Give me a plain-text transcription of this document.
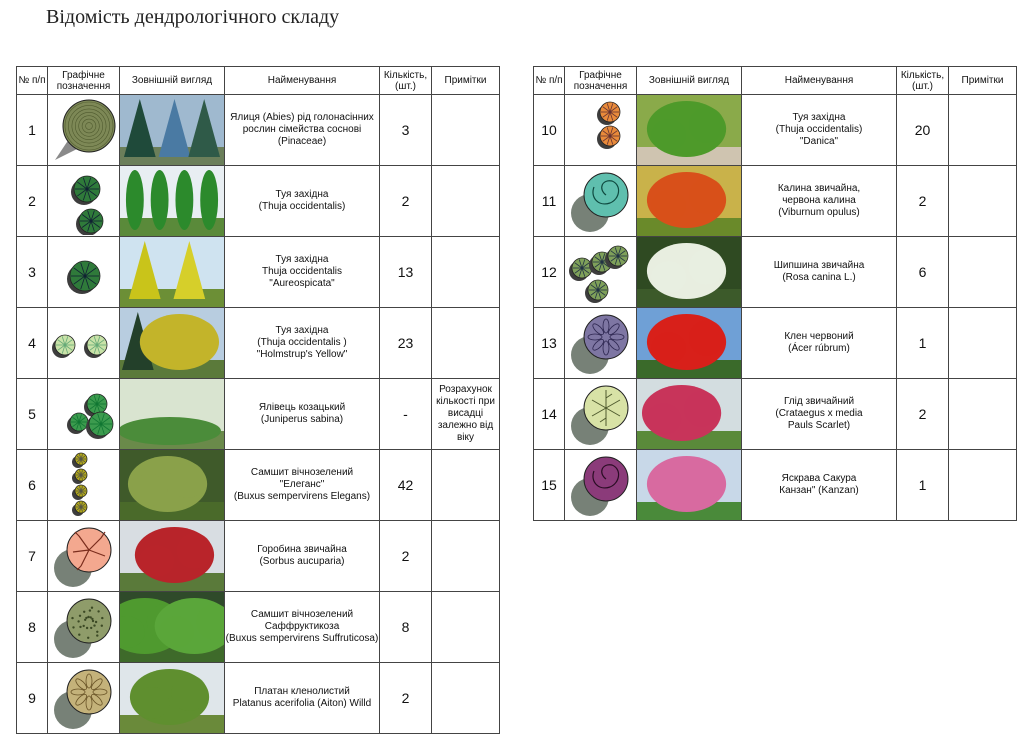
Відомість дендрологічного складу
№ п/п	Графічне позначення	Зовнішній вигляд	Найменування	Кількість, (шт.)	Примітки
1			Ялиця (Abies) рід голонасінних
рослин сімейства соснові
(Pinaceae)	3	
2			Туя західна
(Thuja occidentalis)	2	
3			Туя західна
Thuja occidentalis
"Aureospicata"	13	
4			Туя західна
(Thuja occidentalis )
"Holmstrup's Yellow"	23	
5			Ялівець козацький
(Juniperus sabina)	-	Розрахунок
кількості при
висадці
залежно від
віку

6			Самшит вічнозелений
"Елеганс"
(Buxus sempervirens Elegans)	42	
7			Горобина звичайна
(Sorbus aucuparia)	2	
8			Самшит вічнозелений
Саффруктикоза
(Buxus sempervirens Suffruticosa)	8	
9			Платан кленолистий
Platanus acerifolia (Aiton) Willd	2	
№ п/п	Графічне позначення	Зовнішній вигляд	Найменування	Кількість, (шт.)	Примітки
10			Туя західна
(Thuja occidentalis)
"Danica"	20	
11			Калина звичайна,
червона калина
(Viburnum opulus)	2	
12			Шипшина звичайна
(Rosa canina L.)	6	
13			Клен червоний
(Ácer rúbrum)	1	
14			Глід звичайний
(Crataegus x media
Pauls Scarlet)	2	
15			Яскрава Сакура
Канзан" (Kanzan)	1	
